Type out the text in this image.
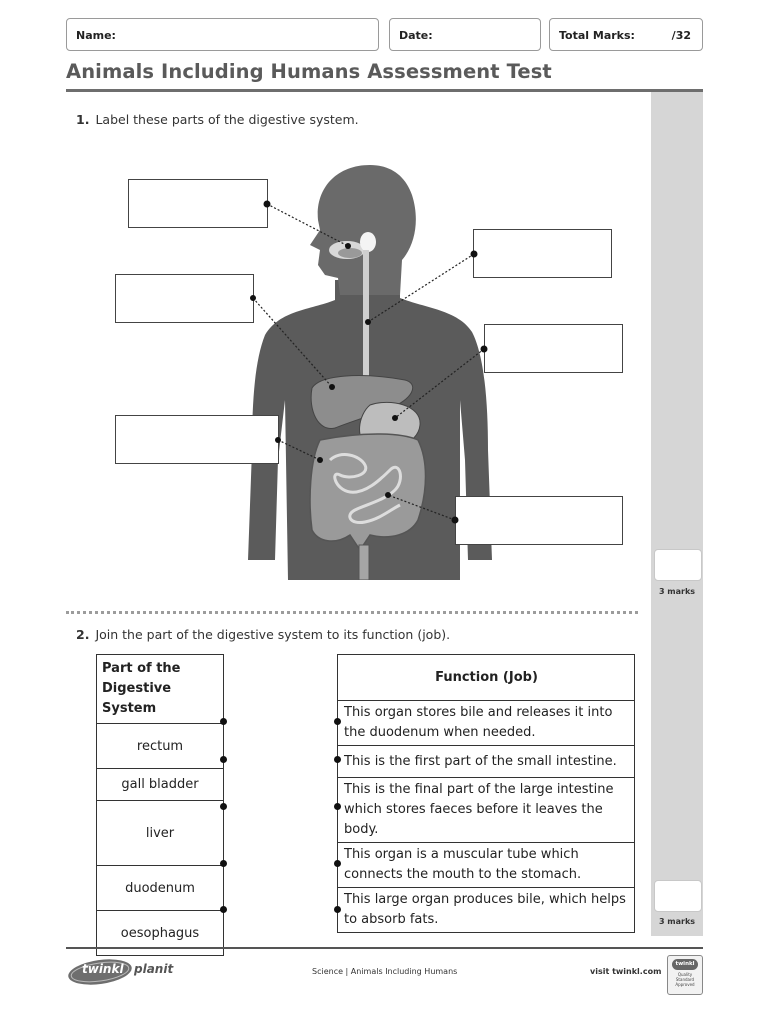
Name:	Date:	Total Marks:	/32
Animals Including Humans Assessment Test
3 marks
3 marks
1. Label these parts of the digestive system.
2. Join the part of the digestive system to its function (job).
Part of the
Digestive System
rectum
gall bladder
liver
duodenum
oesophagus
Function (Job)
This organ stores bile and releases it into the duodenum when needed.
This is the first part of the small intestine.
This is the final part of the large intestine which stores faeces before it leaves the body.
This organ is a muscular tube which connects the mouth to the stomach.
This large organ produces bile, which helps to absorb fats.
twinkl planit	Science | Animals Including Humans	visit twinkl.com
twinkl
Quality Standard Approved
